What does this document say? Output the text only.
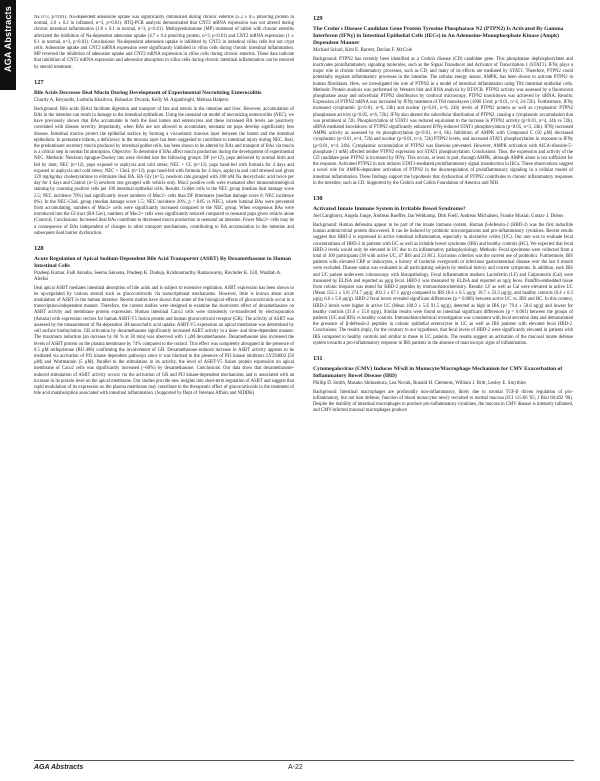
AGA Abstracts	Na n=3, p<0.01). Na-dependent adenosine uptake was significantly diminished during chronic enteritis (5.2 ± 0.5 pmol/mg protein in normal, 2.6 ± 0.2 in inflamed, n=3, p<0.01). RTQ-PCR analysis demonstrated that CNT2 mRNA expression was not altered during chronic intestinal inflammation (1.8 ± 0.1 in normal, n=3, p<0.01). Methyprednisolone (MP) treatment of rabbit with chronic enteritis alleviated the inhibition of Na-dependent adenosine uptake (4.7 ± 0.4 pmol/mg protein, n=3, p<0.01) and CNT2 mRNA expression (1 ± 0.1 in normal, n=3, p<0.01). Conclusions: Na-dependent adenosine uptake is inhibited by CNT2 in intestinal villus cells but not crypt cells. Adenosine uptake and CNT2 mRNA expression were significantly inhibited in villus cells during chronic intestinal inflammation. MP reversed the inhibition of adenosine uptake and CNT2 mRNA expression in villus cells during chronic enteritis. These data indicate that inhibition of CNT2 mRNA expression and adenosine absorption in villus cells during chronic intestinal inflammation can be restored by steroid treatment.

127
Bile Acids Decrease Ileal Mucin During Development of Experimental Necrotizing Enterocolitis
Charity A. Reynolds, Ludmila Khailova, Bohuslav Dvorak, Kelly M. Arganbright, Melissa Halpern

Background: Bile acids (BAs) facilitate digestion and transport of fats and sterols in the intestine and liver. However, accumulation of BAs in the intestine can result in damage to the intestinal epithelium. Using the neonatal rat model of necrotizing enterocolitis (NEC), we have previously shown that BAs accumulate in both the ileal lumen and enterocytes and these increased BA levels are positively correlated with disease severity. Importantly, when BAs are not allowed to accumulate, neonatal rat pups develop significantly less disease. Intestinal mucins protect the epithelial surface by forming a viscoelastic mucous layer between the lumen and the intestinal epithelium. In premature infants, a deficiency in the mucous layer has been suggested to contribute to intestinal injury during NEC. Ileal, the predominant secretory mucin produced by intestinal goblet cells, has been shown to be altered by BAs and transport of BAs via mucin is a critical step in normal fat absorption. Objective: To determine if BAs affect mucin production during the development of experimental NEC. Methods: Newborn Sprague-Dawley rats were divided into the following groups: DF (n=12), pups delivered by normal birth and fed by dam; NEC (n=12), pups exposed to asphyxia and cold stress; NEC + CL (n=12), pups hand-fed with formula for 4 days and exposed to asphyxia and cold stress; NEC + ChoL (n=12), pups hand-fed with formula for 4 days, asphyxia and cold stressed and given 120 mg/kg/day cholestyramine to eliminate ileal BA. BA Gly (n=5), newborn rats gavaged with 200 nM Na deoxycholic acid twice per day for 4 days and Control (n=5) newborn rats gavaged with vehicle only. Muc2 positive cells were evaluated after immunohistological staining by counting positive cells per 100 intestinal epithelial cells. Results: Goblet cells in the NEC group (median ileal damage score 2.5; NEC incidence 70%) had significantly lower numbers of Muc2+ cells than DF littermates (median damage score 0; NEC incidence 0%). In the NEC-ChoL group (median damage score 1.5; NEC incidence 20%, p < 0.05 vs NEC), where luminal BAs were prevented from accumulating, numbers of Muc2+ cells were significantly increased compared to the NEC group. When exogenous BAs were introduced into the GI tract (BA Gav), numbers of Muc2+ cells were significantly reduced compared to neonatal pups given vehicle alone (Control). Conclusions: Increased ileal BAs contribute to decreased mucin production in neonatal rat intestine. Fewer Muc2+ cells may be a consequence of BAs independent of changes in other transport mechanisms, contributing to BA accumulation in the intestine and subsequent ileal barrier dysfunction.

128
Acute Regulation of Apical Sodium-Dependent Bile Acid Transporter (ASBT) By Dexamethasone in Human Intestinal Cells
Pradeep Kumar, Fadi Annaba, Seema Saksena, Pradeep K. Dudeja, Krishnamurthy Ramaswamy, Ravinder K. Gill, Waddah A. Alrefai

Ileal apical ASBT mediates intestinal absorption of bile acids and is subject to extensive regulation. ASBT expression has been shown to be up-regulated by various steroid such as glucocorticoids via transcriptional mechanisms. However, little is known about acute modulation of ASBT in the human intestine. Recent studies have shown that some of the biological effects of glucocorticoids occur in a transcription-independent manner. Therefore, the current studies were designed to examine the short-term effect of dexamethasone on ASBT activity and membrane protein expression. Human intestinal Caco2 cells were transiently co-transfected by electroporation (Amaxa) with expression vectors for human ASBT-V5 fusion protein and human glucocorticoid receptor (GR). The activity of ASBT was assessed by the measurement of Na-dependent 3H-taurocholic acid uptake. ASBT-V5 expression on apical membrane was determined by cell surface biotinylation. GR activation by dexamethasone significantly increased ASBT activity in a dose- and time-dependent manner. The maximum induction (an increase by 66 % at 30 min) was observed with 1 µM dexamethasone. Dexamethasone also increased the levels of ASBT protein on the plasma membrane by 74% compared to the control. This effect was completely abrogated in the presence of 0.5 µM mifepristone (RU-486) confirming the involvement of GR. Dexamethasone-induced increase in ASBT activity appears to be mediated via activation of PI3 kinase dependent pathways since it was blocked in the presence of PI3 kinase inhibitors LY294002 (50 µM) and Wortmannin (5 µM). Parallel to the stimulation in its activity, the level of ASBT-V5 fusion protein expression on apical membrane of Caco2 cells was significantly increased (~60%) by dexamethasone. Conclusions: Our data show that dexamethasone-induced stimulation of ASBT activity occurs via the activation of GR and PI3 kinase-dependent mechanisms and is associated with an increase in its protein level on the apical membrane. Our studies provide new insights into short-term regulation of ASBT and suggest that rapid modulation of its expression on the plasma membrane may contribute to the therapeutic effect of glucocorticoids in the treatment of bile acid malabsorption associated with intestinal inflammation. (Supported by Dept of Veterans Affairs and NIDDK)

129
The Crohn's Disease Candidate Gene Protein Tyrosine Phosphatase N2 (PTPN2) Is Activated By Gamma Interferon (IFNγ) in Intestinal Epithelial Cells (IECs) in An Adenosine-Monophosphate Kinase (Ampk) Dependent Manner
Michael Scharl, Kim E. Barrett, Declan F. McCole

Background: PTPN2 has recently been identified as a Crohn's disease (CD) candidate gene. This phosphatase dephosphorylates and inactivates proinflammatory signaling molecules, such as the Signal Transducer and Activator of Transcription 1 (STAT1). IFNγ plays a major role in chronic inflammatory processes, such as CD, and many of its effects are mediated by STAT1. Therefore, PTPN2 could potentially regulate inflammatory processes in the intestine. The cellular energy sensor, AMPK, has been shown to activate PTPN2 in human fibroblasts. Here, we investigated the role of PTPN2 in a model of intestinal inflammation using T84 intestinal epithelial cells. Methods: Protein analysis was performed by Western blot and RNA analysis by RT-PCR. PTPN2 activity was assessed by a fluorescent phosphatase assay and subcellular PTPN2 distribution by confocal microscopy. PTPN2 knockdown was achieved by siRNA. Results: Expression of PTPN2 mRNA was increased by IFNγ treatment of T84 monolayers (1000 U/ml; p<0.01, n=4, 24-72h). Furthermore, IFNγ increased cytoplasmic (p<0.01, n=6, 24h) and nuclear (p<0.01, n=6, 24h) levels of PTPN2 protein as well as cytoplasmic PTPN2 phosphatase activity (p<0.05, n=6, 72h). IFNγ also altered the subcellular distribution of PTPN2, causing a cytoplasmic accumulation that was prominent at 72h. Phosphorylation of STAT1 was reduced equivalent to the increase in PTPN2 activity (p<0.01, n=4, 24h vs 72h). siRNA mediated knockdown of PTPN2 significantly enhanced IFNγ-induced STAT1 phosphorylation (p<0.05, n=3, 24h). IFNγ increased AMPK activity as assessed by its phosphorylation (p<0.01, n=4, 6h). Inhibition of AMPK with Compound C (50 µM) decreased cytoplasmic (p<0.01, n=4, 72h) and nuclear (p<0.01, n=4, 72h) PTPN2 levels, and increased STAT1 phosphorylation in response to IFNγ (p<0.01, n=4, 24h). Cytoplasmic accumulation of PTPN2 was likewise prevented. However, AMPK activation with AICA-riboside-5'-phosphate (1 mM) affected neither PTPN2 expression nor STAT1 phosphorylation. Conclusions: Thus, the expression and activity of the CD candidate gene PTPN2 is increased by IFNγ. This occurs, at least in part, through AMPK, although AMPK alone is not sufficient for the response. Activated PTPN2 in turn reduces STAT1-mediated proinflammatory signal transduction in IECs. These observations suggest a novel role for AMPK-dependent activation of PTPN2 in the downregulation of proinflammatory signaling in a cellular model of intestinal inflammation. These findings support the hypothesis that dysfunction of PTPN2 contributes to chronic inflammatory responses in the intestine, such as CD. Supported by the Crohn's and Colitis Foundation of America and NIH.

130
Activated Innate Immune System in Irritable Bowel Syndrome?
Joel Langhorst, Angela Junge, Andreas Rueffer, Jan Wehkamp, Dirk Foell, Andreas Michalsen, Frauke Musial, Gustav J. Dobos

Background: Human defensins appear to be part of the innate immune system. Human β-defensin-2 (HBD-2) was the first inducible human antimicrobial protein discovered. It can be induced by probiotic microorganisms and pro-inflammatory cytokines. Recent results suggest that HBD-2 is expressed in active intestinal inflammation, especially in ulcerative colitis (UC). Our aim was to evaluate fecal concentrations of HBD-2 in patients with UC as well as irritable bowel syndrome (IBS) and healthy controls (HC). We expected that fecal HBD-2 levels would only be elevated in UC due to its inflammatory pathophysiology. Methods: Fecal specimens were collected from a total of 100 participants (38 with active UC, 47 IBS and 23 HC). Exclusion criterion was the current use of probiotics. Furthermore, IBS patients with elevated CRP or leukocytes, a history of bacterial overgrowth or infectious gastrointestinal disease over the last 6 month were excluded. Disease status was evaluated in all participating subjects by medical history and current symptoms. In addition, each IBS and UC patient underwent colonoscopy with histopathology. Fecal inflammation markers Lactoferrin (LF) and Calprotectin (Cal) were measured by ELISA and reported as µg/g fecal. HBD-2 was measured by ELISA and reported as ng/g feces. Paraffin-embedded tissue from colonic biopsies was tested for HBD-2 peptides by immunohistochemistry. Results: LF as well as Cal were elevated in active UC (Mean 152.1 ± 5.8; 274.7 µg/g; 403.3 ± 67.1 µg/g) compared to IBS (8.4 ± 0.5 µg/g; 18.7 ± 23.3 µg/g), and healthy controls (0.4 ± 0.3 µg/g; 6.6 ± 5.0 µg/g). HBD-2 fecal levels revealed significant differences (p = 0.006) between active UC vs. IBS and HC. In this context, HBD-2 levels were higher in active UC (Mean 100.9 ± 5.E 91.5 ng/g), detected as high in IBS (p< 79.4 ± 58.6 ng/g) and lowest for healthy controls (31.0 ± 15.0 ng/g). Similar results were found on intestinal significant differences (p = 0.001) between the groups of patients (UC and IBS) vs healthy controls. Immunohistochemical investigation was consistent with fecal secretion data and demonstrated the presence of β-defensin-2 peptides in colonic epithelial enterocytes in UC as well as IBS patients with elevated fecal HBD-2. Conclusions: The results imply, for the contrary to our hypothesis, that fecal levels of HBD-2 were significantly elevated in patients with IBS compared to healthy controls and similar to those in UC patients. The results suggest an activation of the mucosal innate defense system towards a pro-inflammatory response in IBS patients in the absence of macroscopic signs of inflammation.

131
Cytomegalovirus (CMV) Induces NFκB in Monocyte/Macrophage Mechanism for CMV Exacerbation of Inflammatory Bowel Disease (IBD)
Phillip D. Smith, Masako Shimamura, Lea Novak, Ronald H. Clements, William J. Britt, Lesley E. Smythies

Background: Intestinal macrophages are profoundly non-inflammatory, likely due to stromal TGF-β driven regulation of pro-inflammatory, but not host defense, function of blood monocytes newly recruited to normal mucosa (JCI 115:66 '05; J Biol 60:492 '06). Despite the inability of intestinal macrophages to produce pro-inflammatory cytokines, the mucosa in CMV disease is intensely inflamed, and CMV-infected mucosal macrophages produce

AGA Abstracts	A-22
